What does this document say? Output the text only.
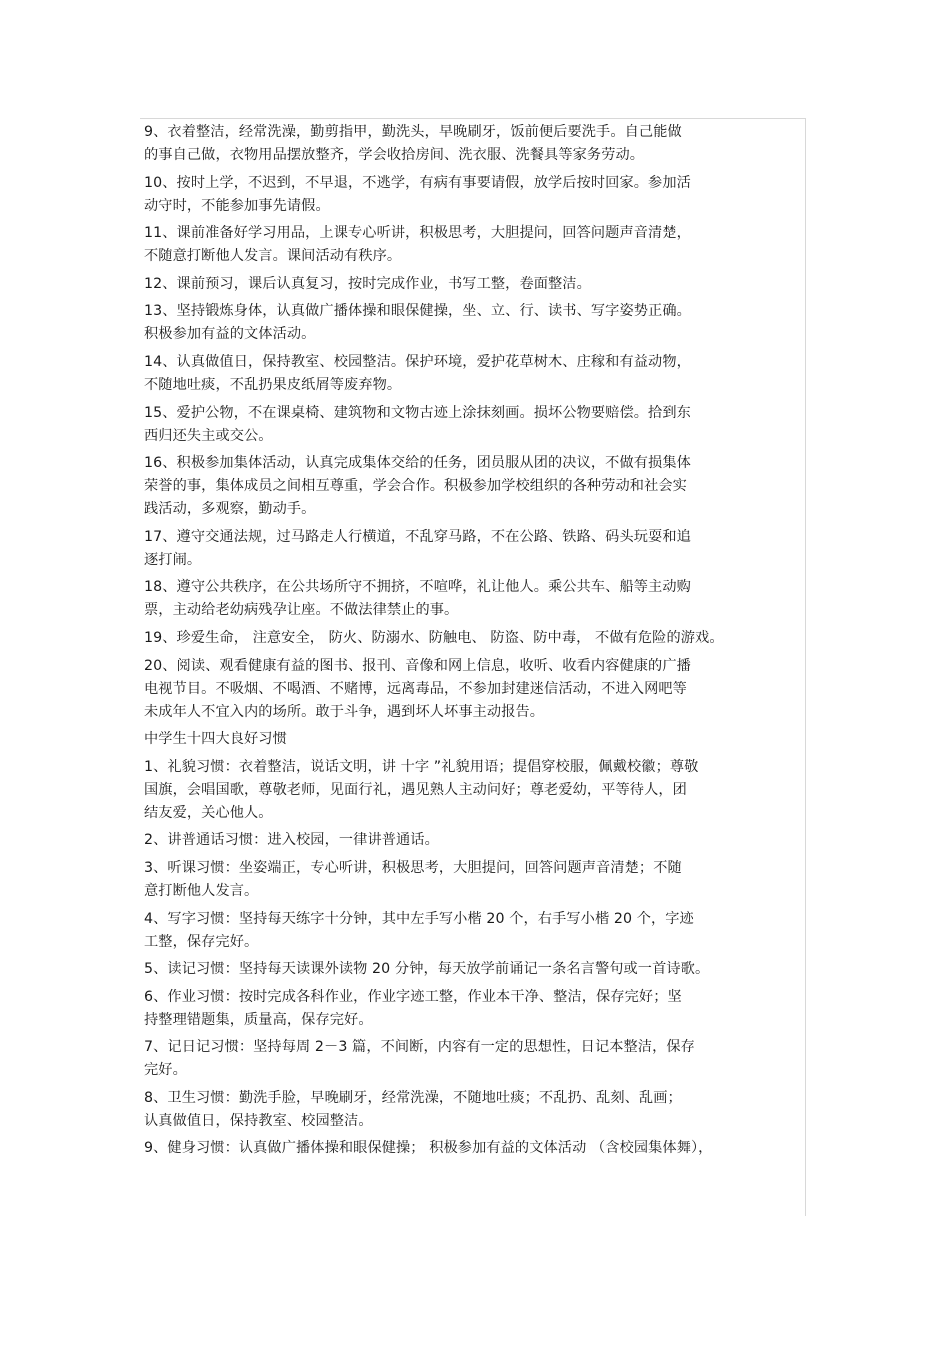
9、衣着整洁，经常洗澡，勤剪指甲，勤洗头，早晚刷牙，饭前便后要洗手。自己能做
的事自己做，衣物用品摆放整齐，学会收拾房间、洗衣服、洗餐具等家务劳动。
10、按时上学，不迟到，不早退，不逃学，有病有事要请假，放学后按时回家。参加活
动守时，不能参加事先请假。
11、课前准备好学习用品，上课专心听讲，积极思考，大胆提问，回答问题声音清楚，
不随意打断他人发言。课间活动有秩序。
12、课前预习，课后认真复习，按时完成作业，书写工整，卷面整洁。
13、坚持锻炼身体，认真做广播体操和眼保健操，坐、立、行、读书、写字姿势正确。
积极参加有益的文体活动。
14、认真做值日，保持教室、校园整洁。保护环境，爱护花草树木、庄稼和有益动物，
不随地吐痰，不乱扔果皮纸屑等废弃物。
15、爱护公物，不在课桌椅、建筑物和文物古迹上涂抹刻画。损坏公物要赔偿。拾到东
西归还失主或交公。
16、积极参加集体活动，认真完成集体交给的任务，团员服从团的决议，不做有损集体
荣誉的事，集体成员之间相互尊重，学会合作。积极参加学校组织的各种劳动和社会实
践活动，多观察，勤动手。
17、遵守交通法规，过马路走人行横道，不乱穿马路，不在公路、铁路、码头玩耍和追
逐打闹。
18、遵守公共秩序，在公共场所守不拥挤，不喧哗，礼让他人。乘公共车、船等主动购
票，主动给老幼病残孕让座。不做法律禁止的事。
19、珍爱生命， 注意安全， 防火、防溺水、防触电、 防盗、防中毒， 不做有危险的游戏。
20、阅读、观看健康有益的图书、报刊、音像和网上信息，收听、收看内容健康的广播
电视节目。不吸烟、不喝酒、不赌博，远离毒品，不参加封建迷信活动，不进入网吧等
未成年人不宜入内的场所。敢于斗争，遇到坏人坏事主动报告。
中学生十四大良好习惯
1、礼貌习惯：衣着整洁，说话文明，讲 十字 ”礼貌用语；提倡穿校服，佩戴校徽；尊敬
国旗，会唱国歌，尊敬老师，见面行礼，遇见熟人主动问好；尊老爱幼，平等待人，团
结友爱，关心他人。
2、讲普通话习惯：进入校园，一律讲普通话。
3、听课习惯：坐姿端正，专心听讲，积极思考，大胆提问，回答问题声音清楚；不随
意打断他人发言。
4、写字习惯：坚持每天练字十分钟，其中左手写小楷 20 个，右手写小楷 20 个，字迹
工整，保存完好。
5、读记习惯：坚持每天读课外读物 20 分钟，每天放学前诵记一条名言警句或一首诗歌。
6、作业习惯：按时完成各科作业，作业字迹工整，作业本干净、整洁，保存完好；坚
持整理错题集，质量高，保存完好。
7、记日记习惯：坚持每周 2－3 篇，不间断，内容有一定的思想性，日记本整洁，保存
完好。
8、卫生习惯：勤洗手脸，早晚刷牙，经常洗澡，不随地吐痰；不乱扔、乱刻、乱画；
认真做值日，保持教室、校园整洁。
9、健身习惯：认真做广播体操和眼保健操； 积极参加有益的文体活动 （含校园集体舞），
